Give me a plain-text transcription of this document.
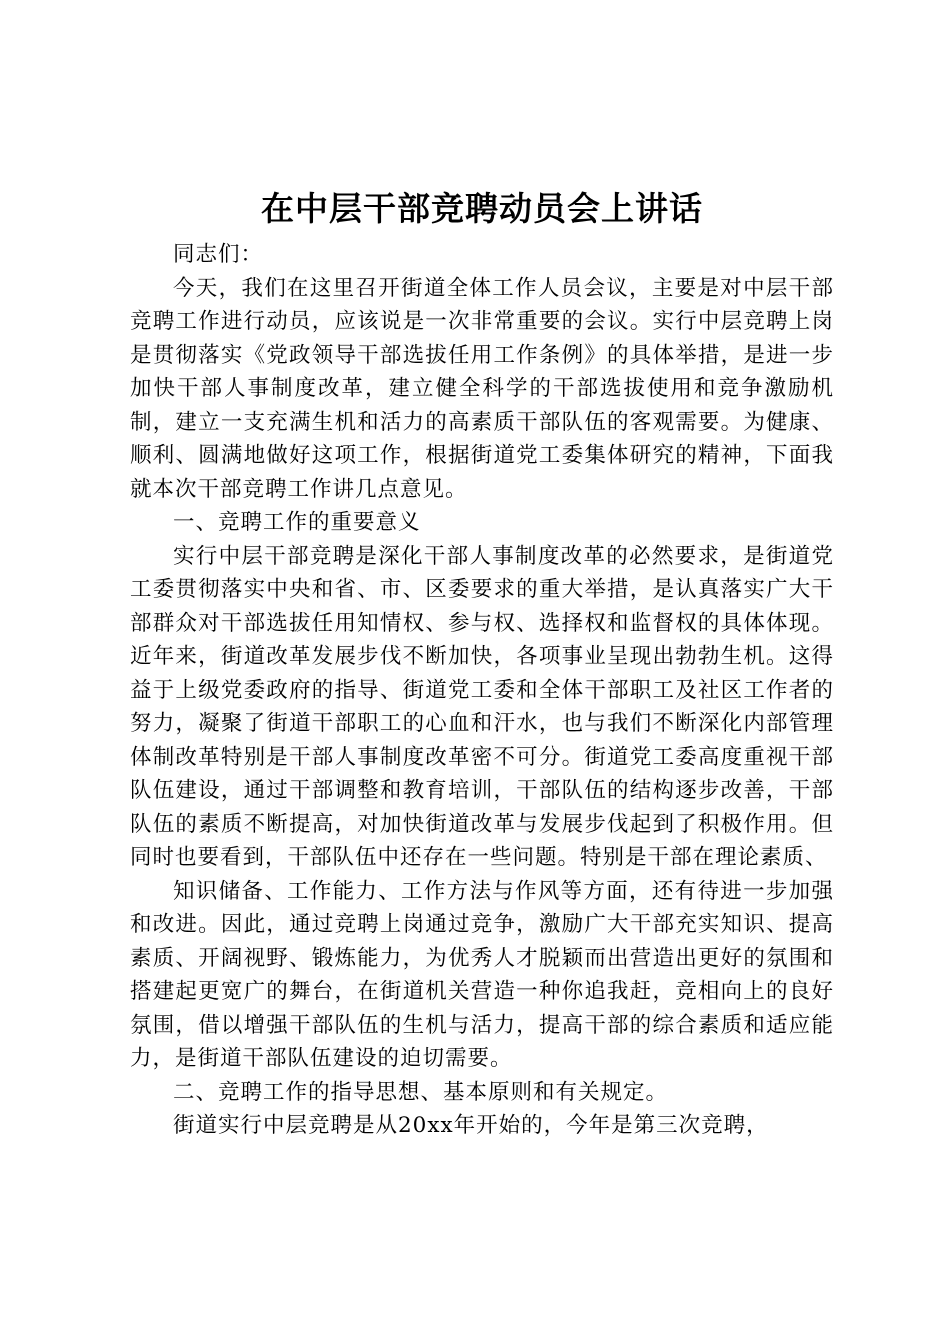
在中层干部竞聘动员会上讲话

同志们：

今天，我们在这里召开街道全体工作人员会议，主要是对中层干部竞聘工作进行动员，应该说是一次非常重要的会议。实行中层竞聘上岗是贯彻落实《党政领导干部选拔任用工作条例》的具体举措，是进一步加快干部人事制度改革，建立健全科学的干部选拔使用和竞争激励机制，建立一支充满生机和活力的高素质干部队伍的客观需要。为健康、顺利、圆满地做好这项工作，根据街道党工委集体研究的精神，下面我就本次干部竞聘工作讲几点意见。

一、竞聘工作的重要意义

实行中层干部竞聘是深化干部人事制度改革的必然要求，是街道党工委贯彻落实中央和省、市、区委要求的重大举措，是认真落实广大干部群众对干部选拔任用知情权、参与权、选择权和监督权的具体体现。近年来，街道改革发展步伐不断加快，各项事业呈现出勃勃生机。这得益于上级党委政府的指导、街道党工委和全体干部职工及社区工作者的努力，凝聚了街道干部职工的心血和汗水，也与我们不断深化内部管理体制改革特别是干部人事制度改革密不可分。街道党工委高度重视干部队伍建设，通过干部调整和教育培训，干部队伍的结构逐步改善，干部队伍的素质不断提高，对加快街道改革与发展步伐起到了积极作用。但同时也要看到，干部队伍中还存在一些问题。特别是干部在理论素质、

知识储备、工作能力、工作方法与作风等方面，还有待进一步加强和改进。因此，通过竞聘上岗通过竞争，激励广大干部充实知识、提高素质、开阔视野、锻炼能力，为优秀人才脱颖而出营造出更好的氛围和搭建起更宽广的舞台，在街道机关营造一种你追我赶，竞相向上的良好氛围，借以增强干部队伍的生机与活力，提高干部的综合素质和适应能力，是街道干部队伍建设的迫切需要。

二、竞聘工作的指导思想、基本原则和有关规定。

街道实行中层竞聘是从20xx年开始的，今年是第三次竞聘，
